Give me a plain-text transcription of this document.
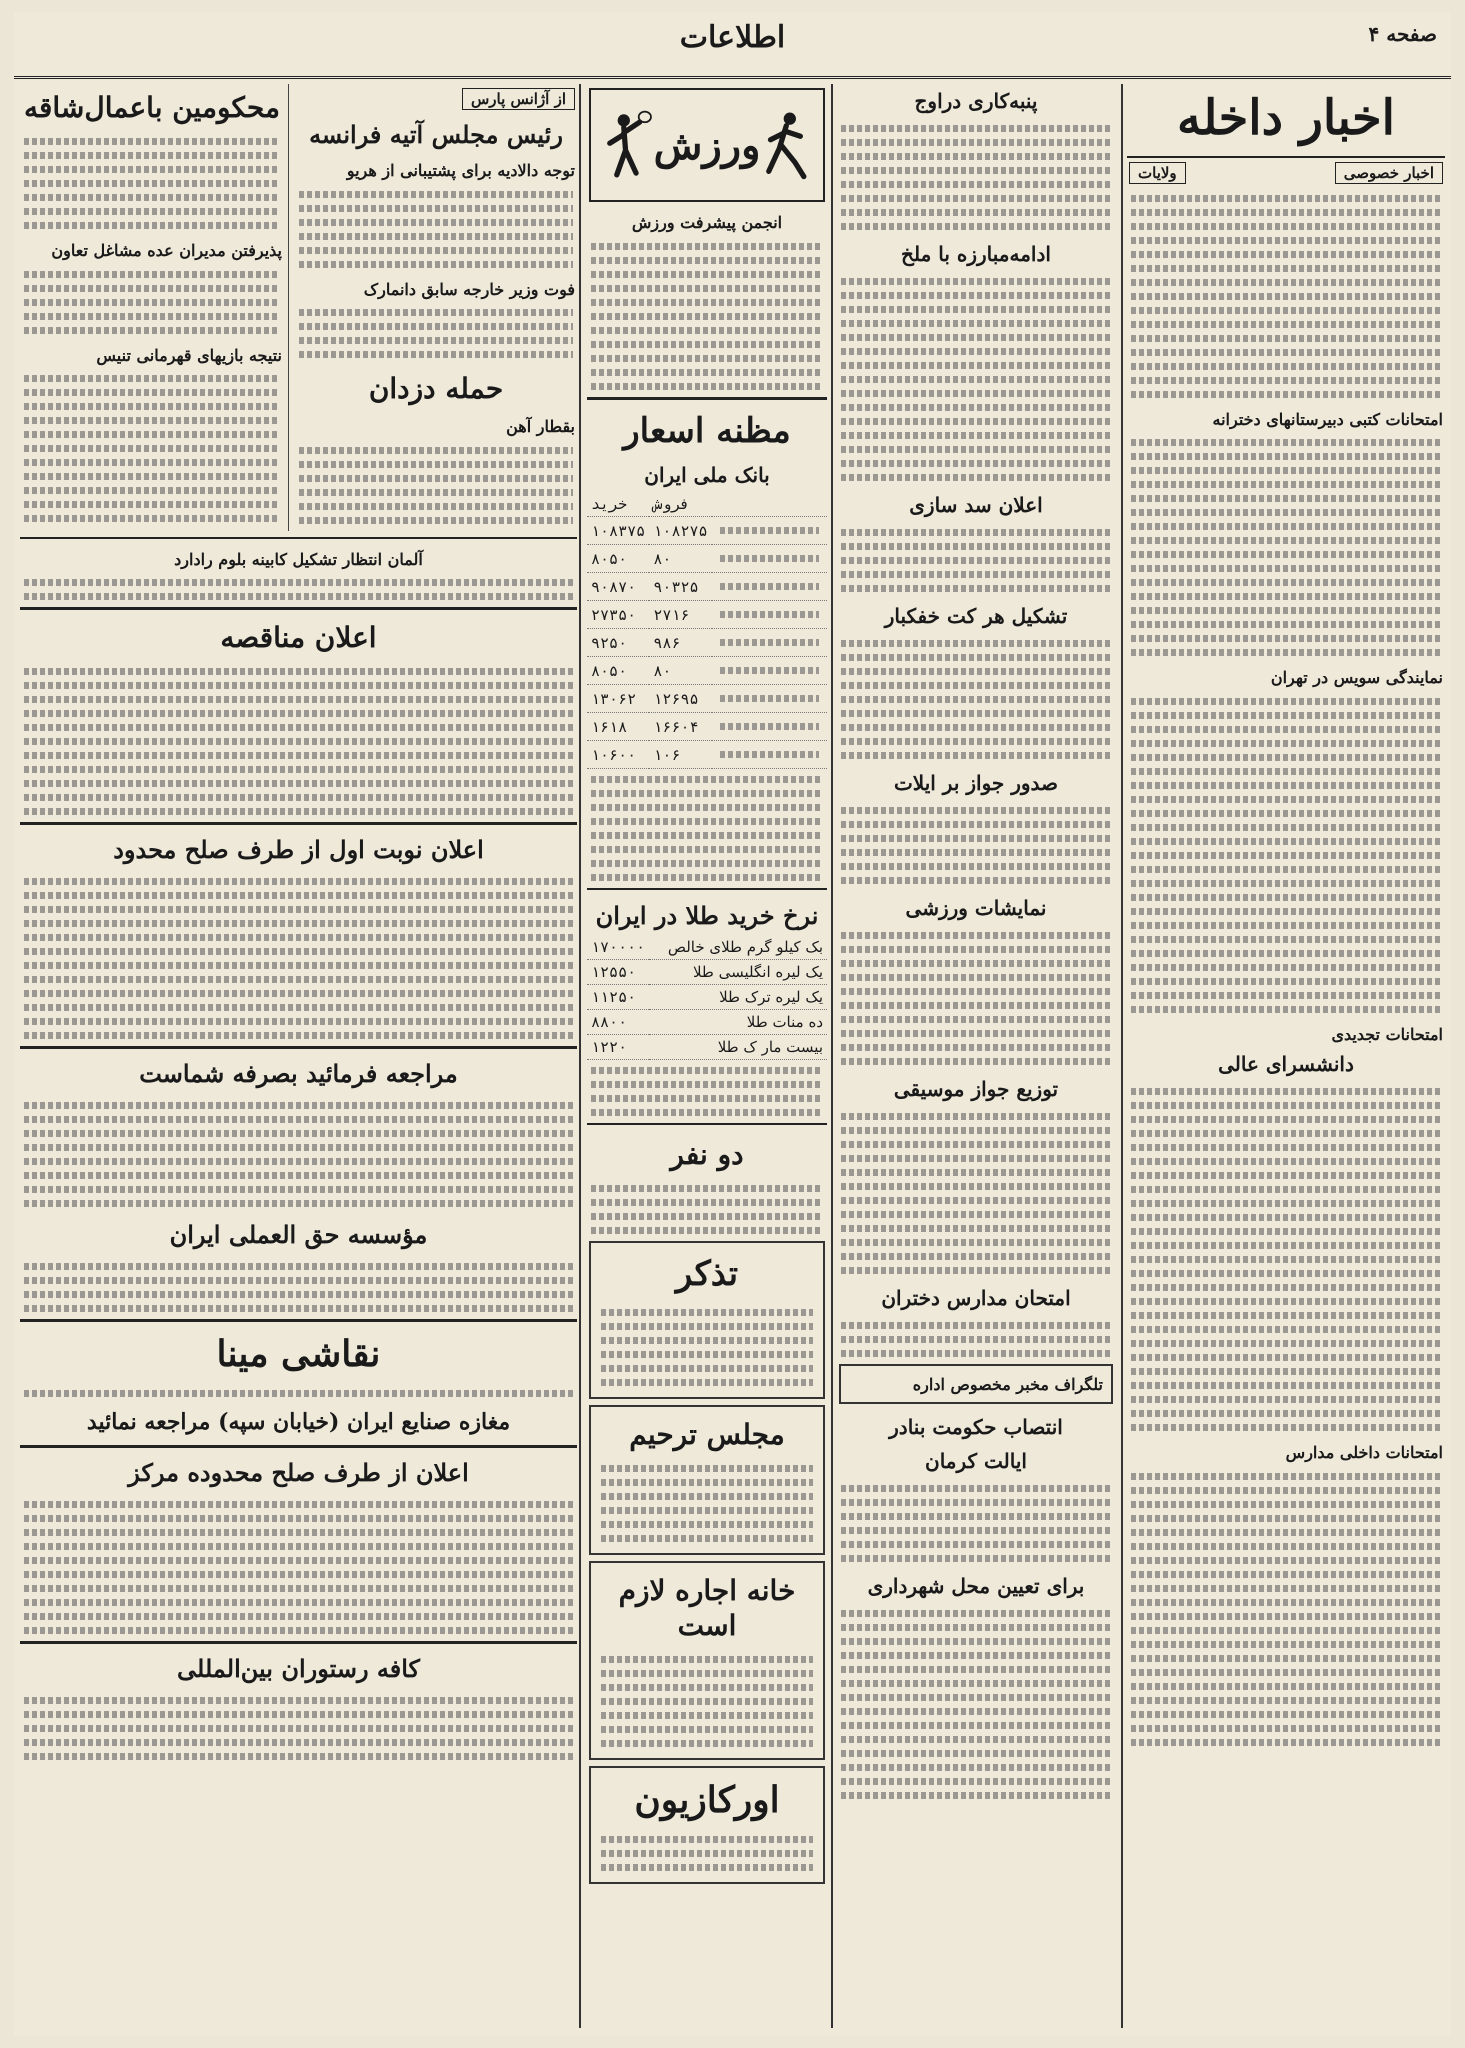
صفحه ۴
اطلاعات
اخبار داخله
اخبار خصوصی
ولایات
امتحانات کتبی دبیرستانهای دخترانه
نمایندگی سویس در تهران
امتحانات تجدیدی
دانشسرای عالی
امتحانات داخلی مدارس
پنبه‌کاری دراوج
ادامه‌مبارزه‌ با‌ ملخ
اعلان سد سازی
تشکیل هر کت خفکبار
صدور جواز بر ایلات
نمایشات ورزشی
توزیع جواز موسیقی
امتحان مدارس دختران
تلگراف مخبر مخصوص اداره
انتصاب حکومت بنادر
ایالت کرمان
برای تعیین محل شهرداری
ورزش
انجمن پیشرفت ورزش
مظنه اسعار
بانک ملی ایران
خرید	فروش	
۱۰۸۳۷۵	۱۰۸۲۷۵	

۸۰۵۰	۸۰	

۹۰۸۷۰	۹۰۳۲۵	

۲۷۳۵۰	۲۷۱۶	

۹۲۵۰	۹۸۶	

۸۰۵۰	۸۰	

۱۳۰۶۲	۱۲۶۹۵	

۱۶۱۸	۱۶۶۰۴	

۱۰۶۰۰	۱۰۶	
نرخ خرید طلا در ایران
بک کیلو گرم طلای خالص	۱۷۰۰۰۰
یک لیره انگلیسی طلا	۱۲۵۵۰
یک لیره ترک طلا	۱۱۲۵۰
ده منات طلا	۸۸۰۰
بیست مار ک طلا	۱۲۲۰
دو نفر
تذکر
مجلس ترحیم
خانه اجاره لازم است
اورکازیون
محکومین باعمال‌شاقه
پذیرفتن مدیران عده مشاغل تعاون
نتیجه بازیهای قهرمانی تنیس
از آژانس پارس
رئیس مجلس آتیه فرانسه
توجه دالادیه برای پشتیبانی از هریو
فوت وزیر خارجه سابق دانمارک
حمله دزدان
بقطار آهن
آلمان انتظار تشکیل کابینه بلوم رادارد
اعلان مناقصه
اعلان نوبت اول از طرف صلح محدود
مراجعه فرمائید بصرفه شماست
مؤسسه حق العملی ایران
نقاشی مینا
مغازه صنایع ایران (خیابان سپه) مراجعه نمائید
اعلان از طرف صلح محدوده مرکز
کافه رستوران بین‌المللی
